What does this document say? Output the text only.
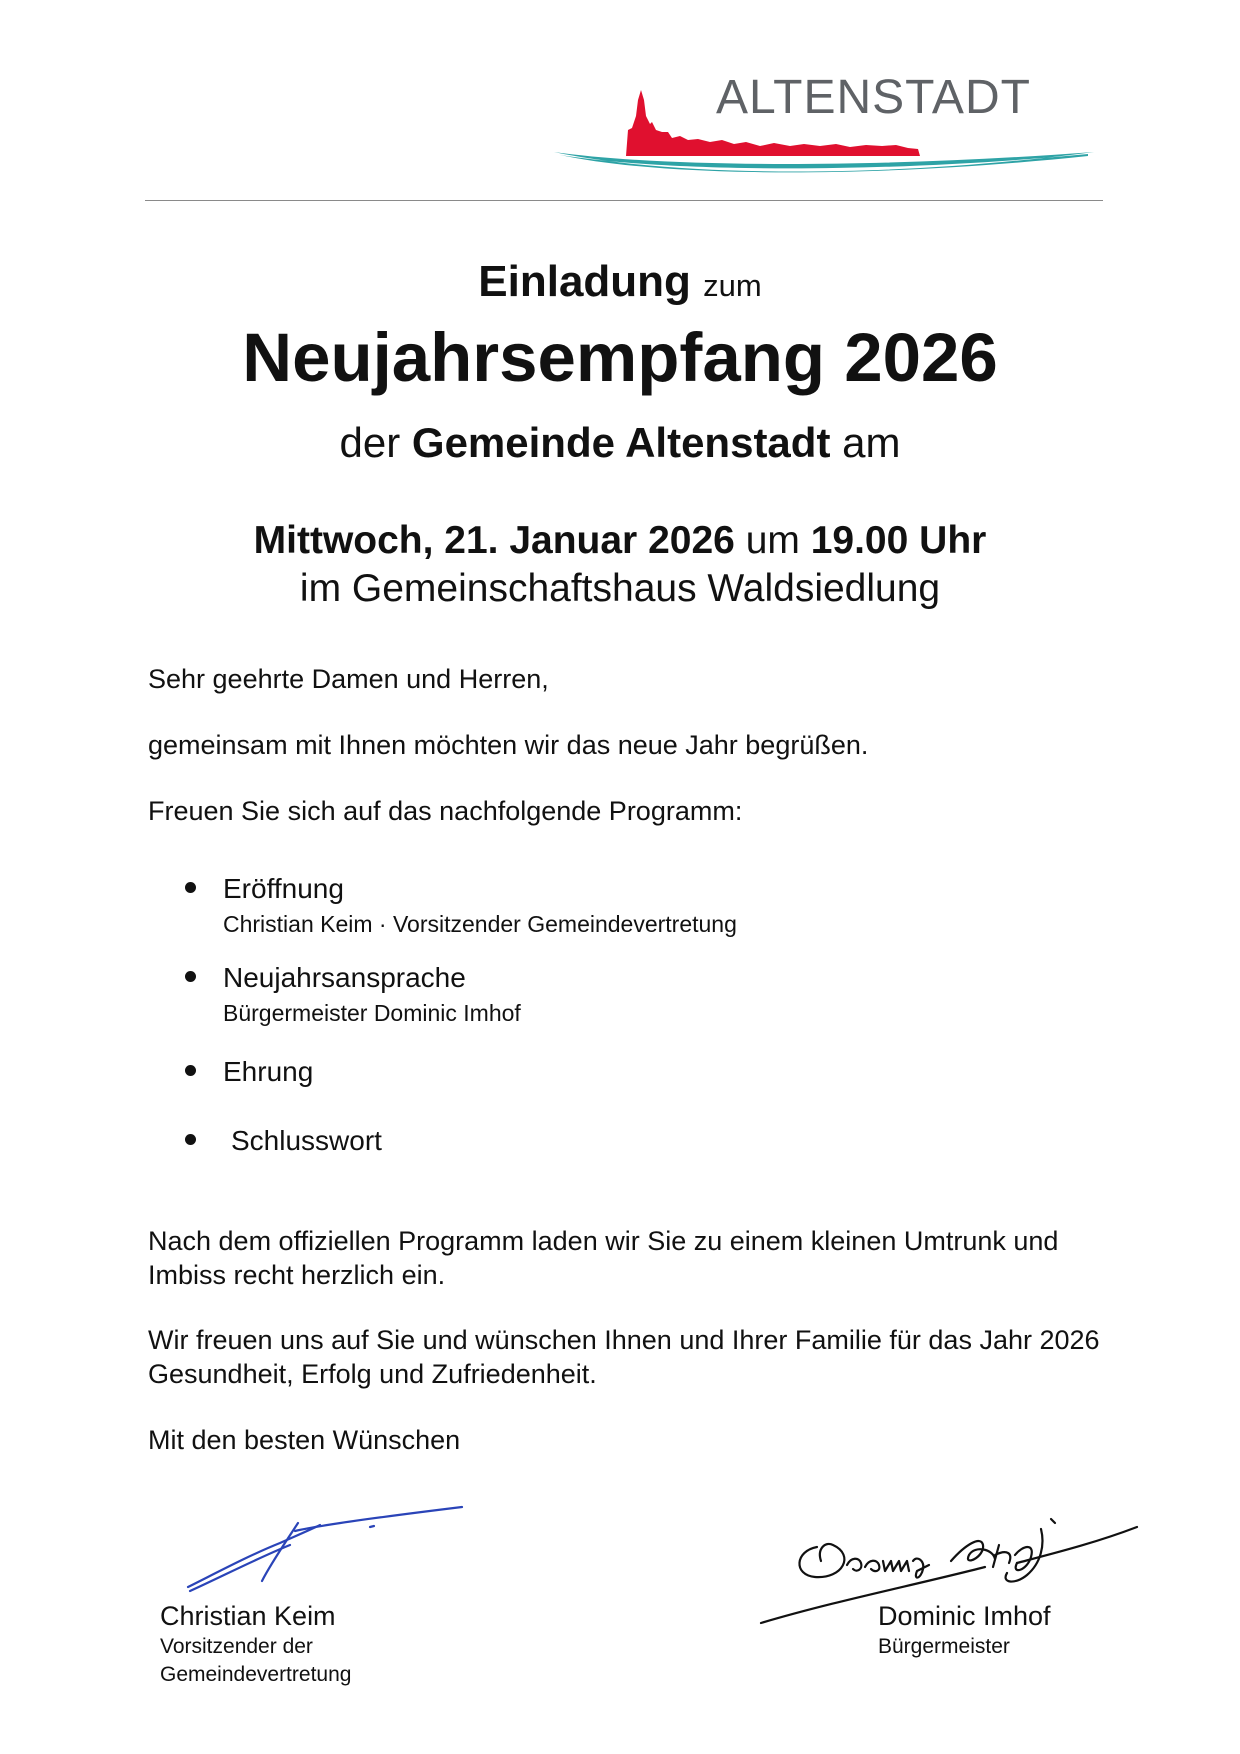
ALTENSTADT
Einladung zum
Neujahrsempfang 2026
der Gemeinde Altenstadt am
Mittwoch, 21. Januar 2026 um 19.00 Uhr
im Gemeinschaftshaus Waldsiedlung

Sehr geehrte Damen und Herren,

gemeinsam mit Ihnen möchten wir das neue Jahr begrüßen.

Freuen Sie sich auf das nachfolgende Programm:

Eröffnung
Christian Keim · Vorsitzender Gemeindevertretung
Neujahrsansprache
Bürgermeister Dominic Imhof
Ehrung
Schlusswort

Nach dem offiziellen Programm laden wir Sie zu einem kleinen Umtrunk und Imbiss recht herzlich ein.

Wir freuen uns auf Sie und wünschen Ihnen und Ihrer Familie für das Jahr 2026 Gesundheit, Erfolg und Zufriedenheit.

Mit den besten Wünschen

Christian Keim
Vorsitzender der Gemeindevertretung
Dominic Imhof
Bürgermeister
